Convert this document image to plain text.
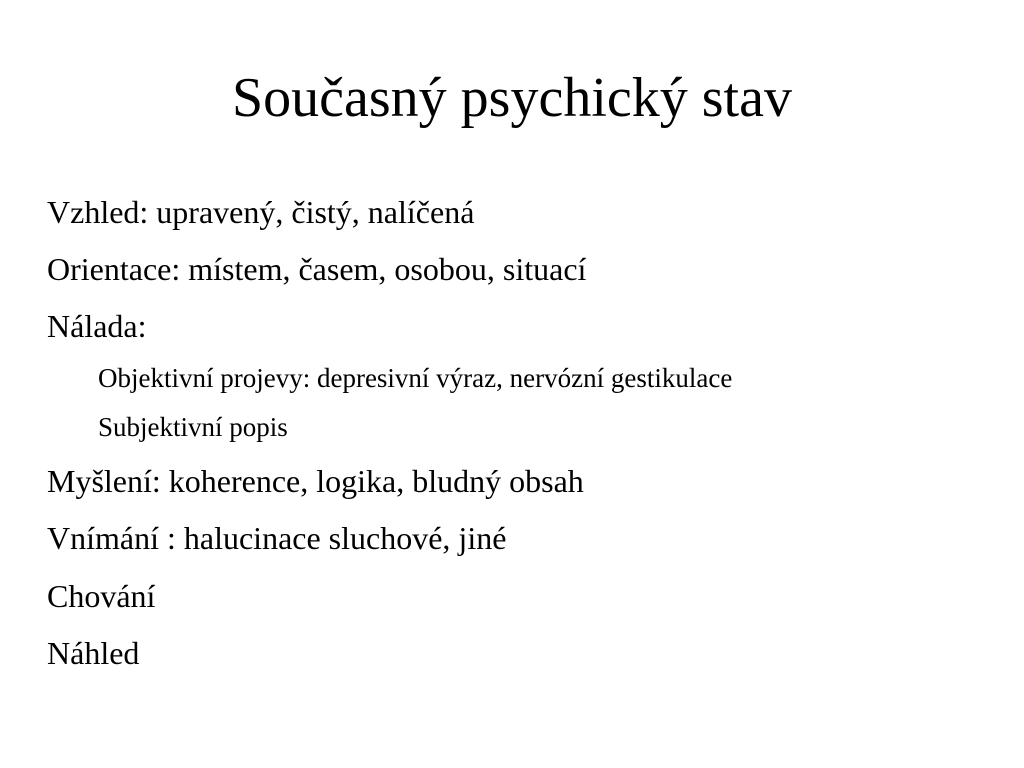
Současný psychický stav

Vzhled: upravený, čistý, nalíčená

Orientace: místem, časem, osobou, situací

Nálada:

Objektivní projevy: depresivní výraz, nervózní gestikulace

Subjektivní popis

Myšlení: koherence, logika, bludný obsah

Vnímání : halucinace sluchové, jiné

Chování

Náhled
